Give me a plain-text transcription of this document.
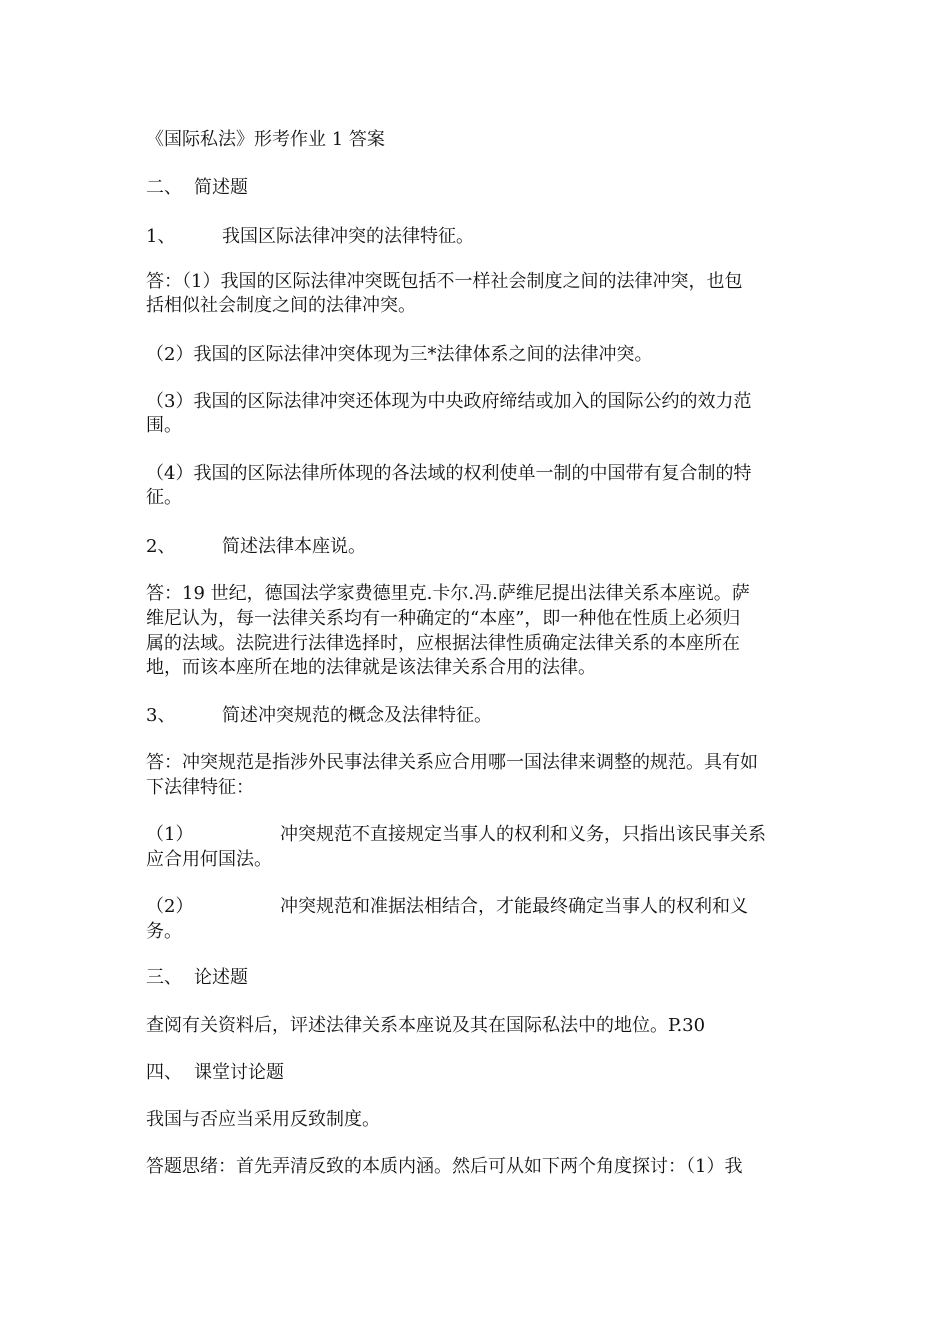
《国际私法》形考作业 1 答案
二、 简述题
1、	我国区际法律冲突的法律特征。
答：（1）我国的区际法律冲突既包括不一样社会制度之间的法律冲突，也包
括相似社会制度之间的法律冲突。
（2）我国的区际法律冲突体现为三*法律体系之间的法律冲突。
（3）我国的区际法律冲突还体现为中央政府缔结或加入的国际公约的效力范
围。
（4）我国的区际法律所体现的各法域的权利使单一制的中国带有复合制的特
征。
2、	简述法律本座说。
答：19 世纪，德国法学家费德里克.卡尔.冯.萨维尼提出法律关系本座说。萨
维尼认为，每一法律关系均有一种确定的“本座”，即一种他在性质上必须归
属的法域。法院进行法律选择时，应根据法律性质确定法律关系的本座所在
地，而该本座所在地的法律就是该法律关系合用的法律。
3、	简述冲突规范的概念及法律特征。
答：冲突规范是指涉外民事法律关系应合用哪一国法律来调整的规范。具有如
下法律特征：
（1）	冲突规范不直接规定当事人的权利和义务，只指出该民事关系
应合用何国法。
（2）	冲突规范和准据法相结合，才能最终确定当事人的权利和义
务。
三、 论述题
查阅有关资料后，评述法律关系本座说及其在国际私法中的地位。P.30
四、 课堂讨论题
我国与否应当采用反致制度。
答题思绪：首先弄清反致的本质内涵。然后可从如下两个角度探讨：（1）我
